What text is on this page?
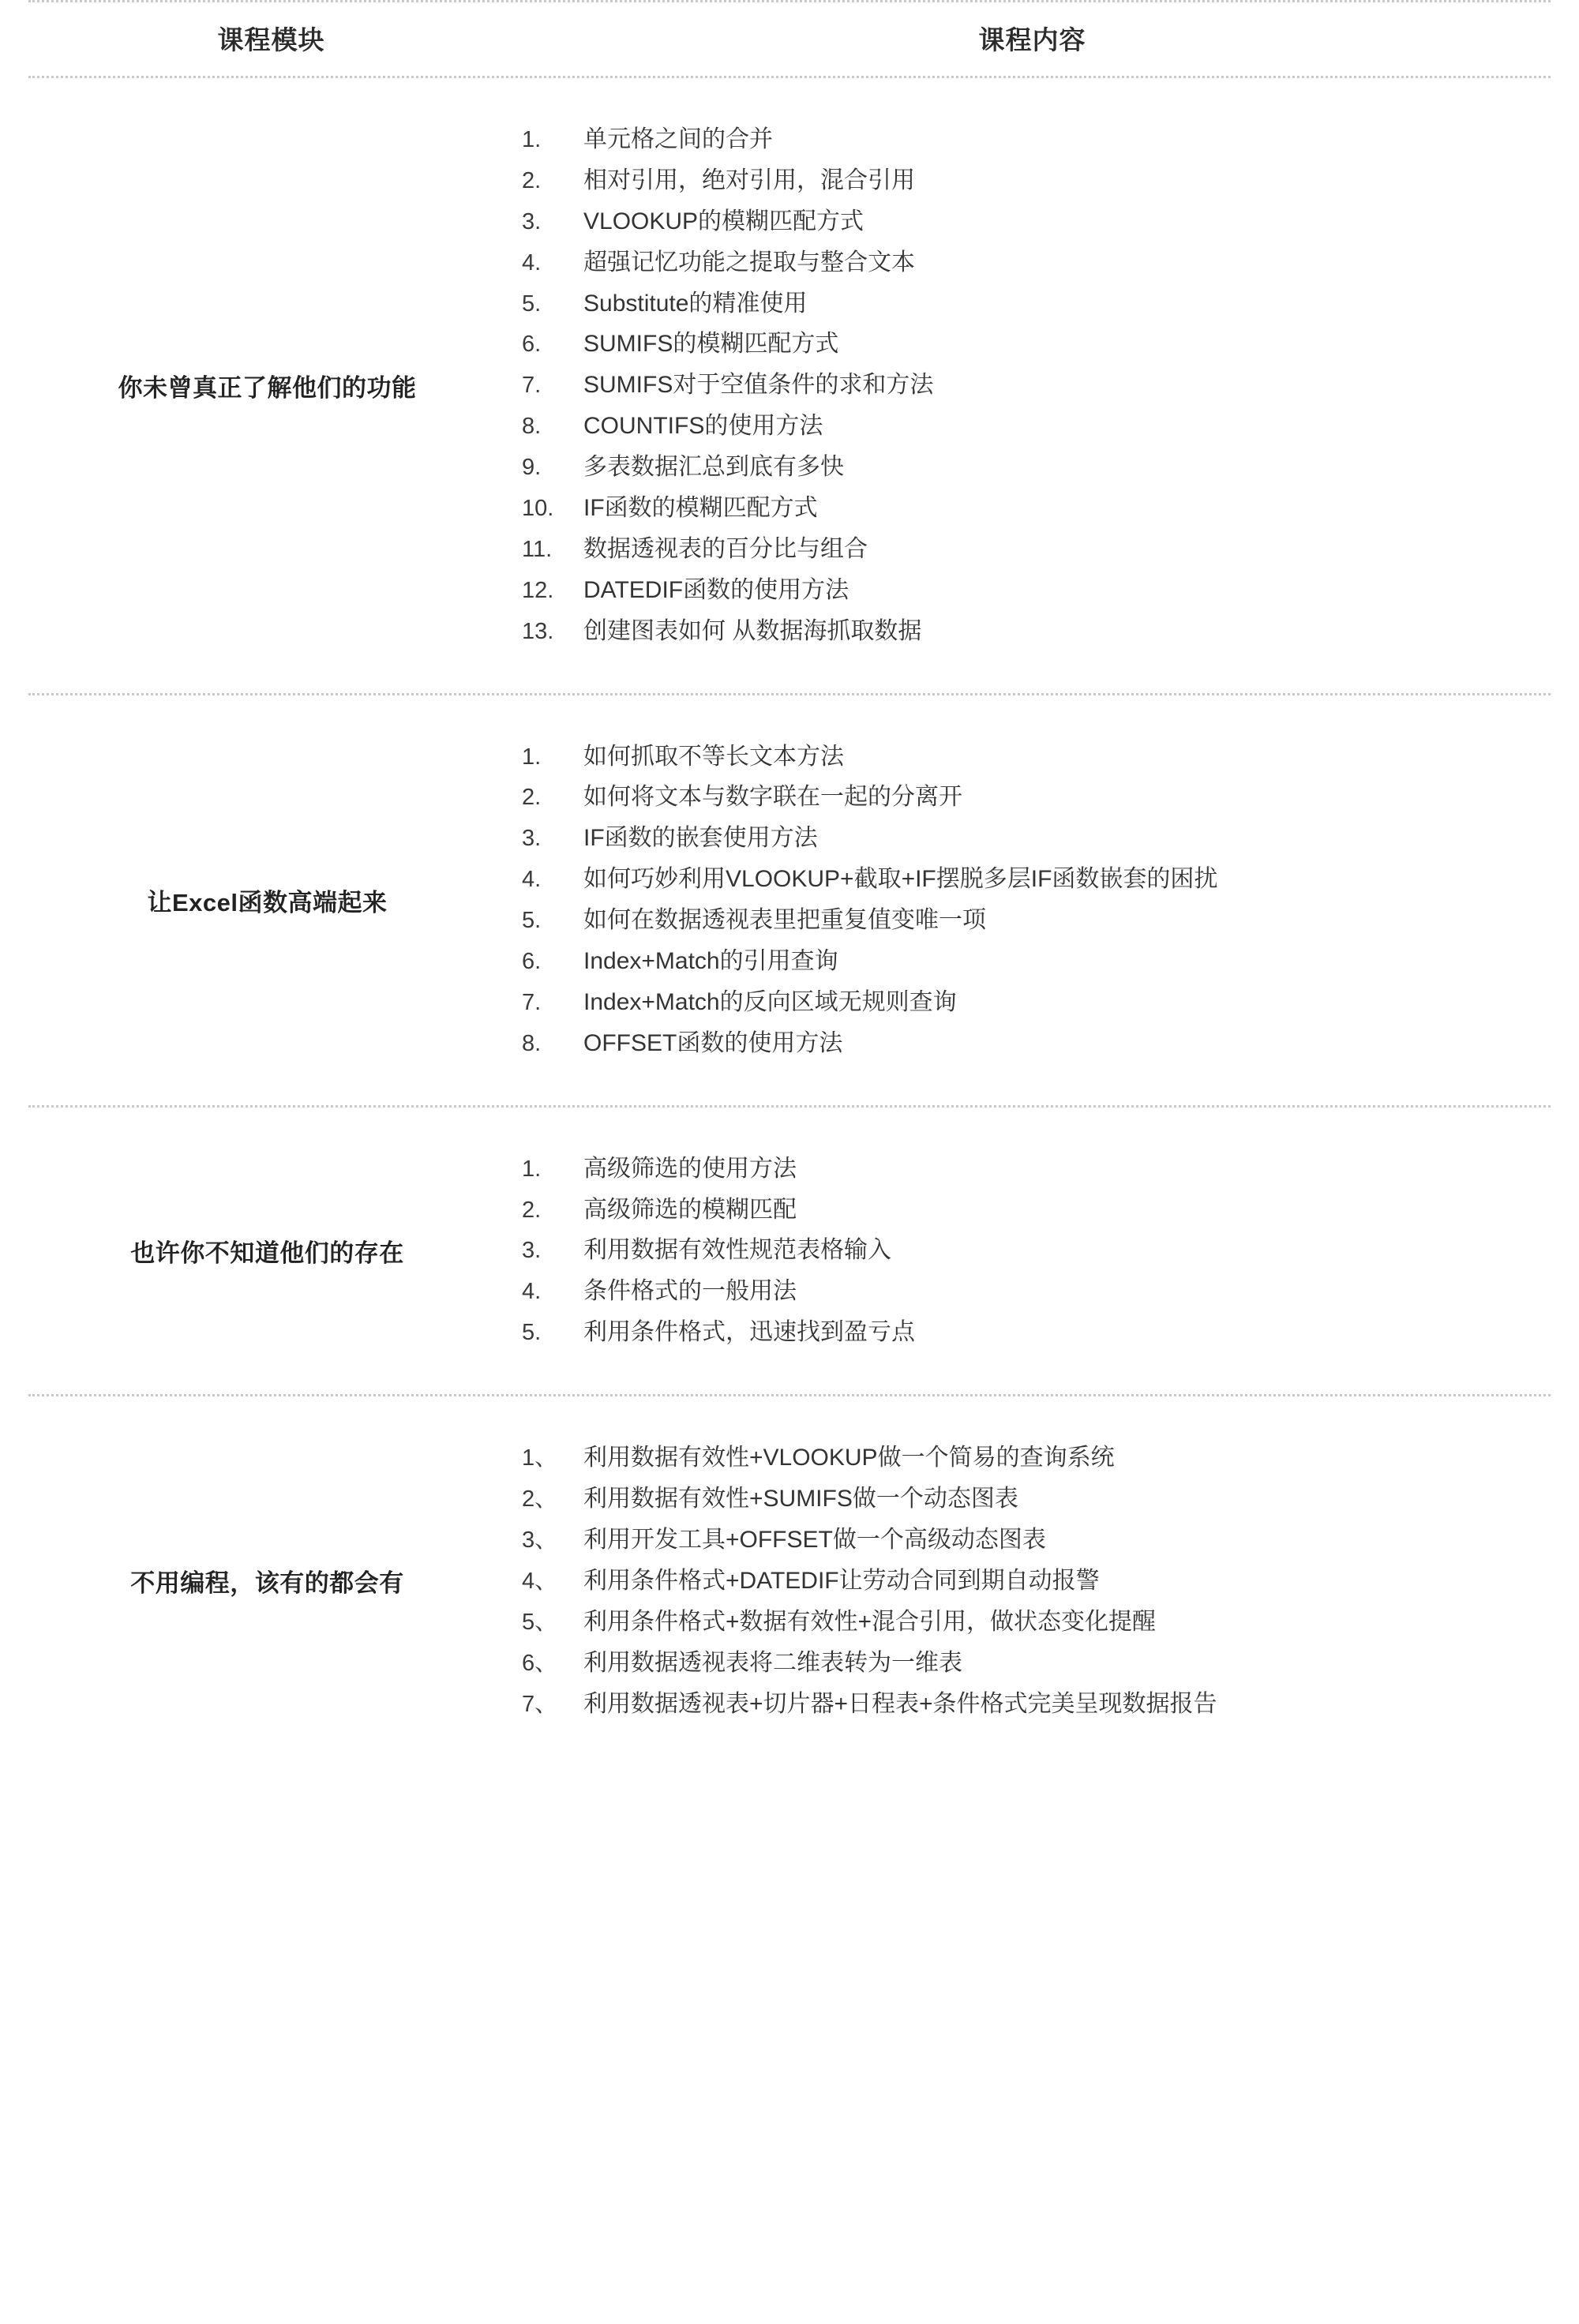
课程模块	课程内容

你未曾真正了解他们的功能	
1.	单元格之间的合并
2.	相对引用，绝对引用，混合引用
3.	VLOOKUP的模糊匹配方式
4.	超强记忆功能之提取与整合文本
5.	Substitute的精准使用
6.	SUMIFS的模糊匹配方式
7.	SUMIFS对于空值条件的求和方法
8.	COUNTIFS的使用方法
9.	多表数据汇总到底有多快
10.	IF函数的模糊匹配方式
11.	数据透视表的百分比与组合
12.	DATEDIF函数的使用方法
13.	创建图表如何 从数据海抓取数据

让Excel函数高端起来	
1.	如何抓取不等长文本方法
2.	如何将文本与数字联在一起的分离开
3.	IF函数的嵌套使用方法
4.	如何巧妙利用VLOOKUP+截取+IF摆脱多层IF函数嵌套的困扰
5.	如何在数据透视表里把重复值变唯一项
6.	Index+Match的引用查询
7.	Index+Match的反向区域无规则查询
8.	OFFSET函数的使用方法

也许你不知道他们的存在	
1.	高级筛选的使用方法
2.	高级筛选的模糊匹配
3.	利用数据有效性规范表格输入
4.	条件格式的一般用法
5.	利用条件格式，迅速找到盈亏点

不用编程，该有的都会有	
1、	利用数据有效性+VLOOKUP做一个简易的查询系统
2、	利用数据有效性+SUMIFS做一个动态图表
3、	利用开发工具+OFFSET做一个高级动态图表
4、	利用条件格式+DATEDIF让劳动合同到期自动报警
5、	利用条件格式+数据有效性+混合引用，做状态变化提醒
6、	利用数据透视表将二维表转为一维表
7、	利用数据透视表+切片器+日程表+条件格式完美呈现数据报告
